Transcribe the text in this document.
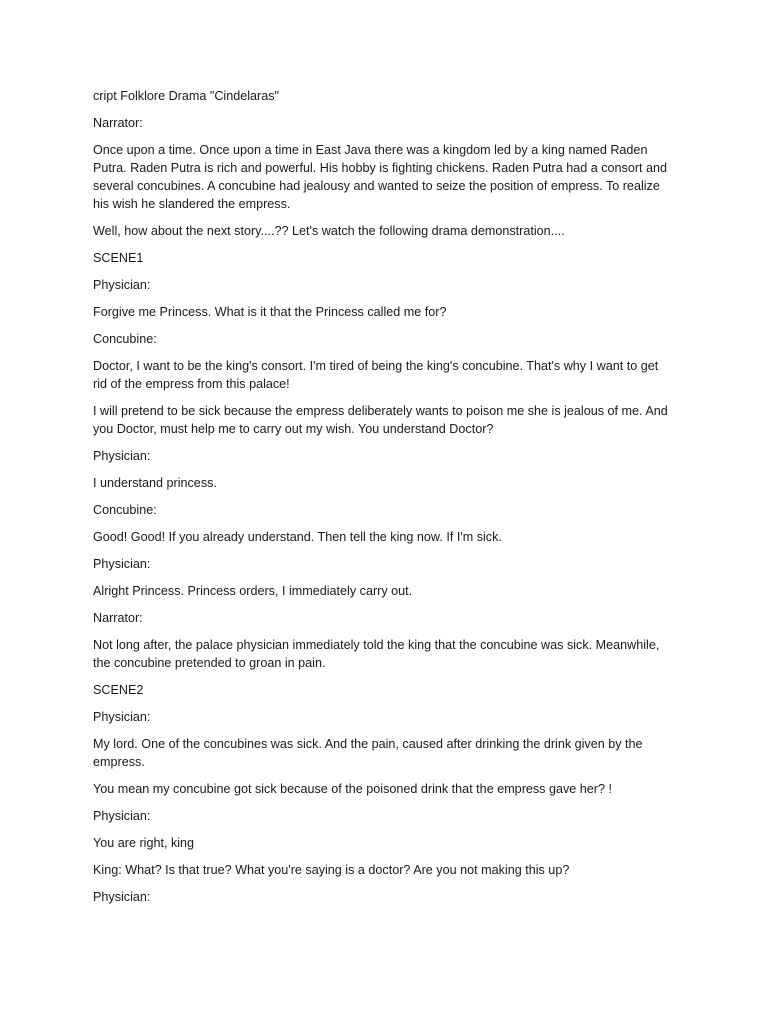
cript Folklore Drama "Cindelaras"

Narrator:

Once upon a time. Once upon a time in East Java there was a kingdom led by a king named Raden Putra. Raden Putra is rich and powerful. His hobby is fighting chickens. Raden Putra had a consort and several concubines. A concubine had jealousy and wanted to seize the position of empress. To realize his wish he slandered the empress.

Well, how about the next story....?? Let's watch the following drama demonstration....

SCENE1

Physician:

Forgive me Princess. What is it that the Princess called me for?

Concubine:

Doctor, I want to be the king's consort. I'm tired of being the king's concubine. That's why I want to get rid of the empress from this palace!

I will pretend to be sick because the empress deliberately wants to poison me she is jealous of me. And you Doctor, must help me to carry out my wish. You understand Doctor?

Physician:

I understand princess.

Concubine:

Good! Good! If you already understand. Then tell the king now. If I'm sick.

Physician:

Alright Princess. Princess orders, I immediately carry out.

Narrator:

Not long after, the palace physician immediately told the king that the concubine was sick. Meanwhile, the concubine pretended to groan in pain.

SCENE2

Physician:

My lord. One of the concubines was sick. And the pain, caused after drinking the drink given by the empress.

You mean my concubine got sick because of the poisoned drink that the empress gave her? !

Physician:

You are right, king

King: What? Is that true? What you're saying is a doctor? Are you not making this up?

Physician:
